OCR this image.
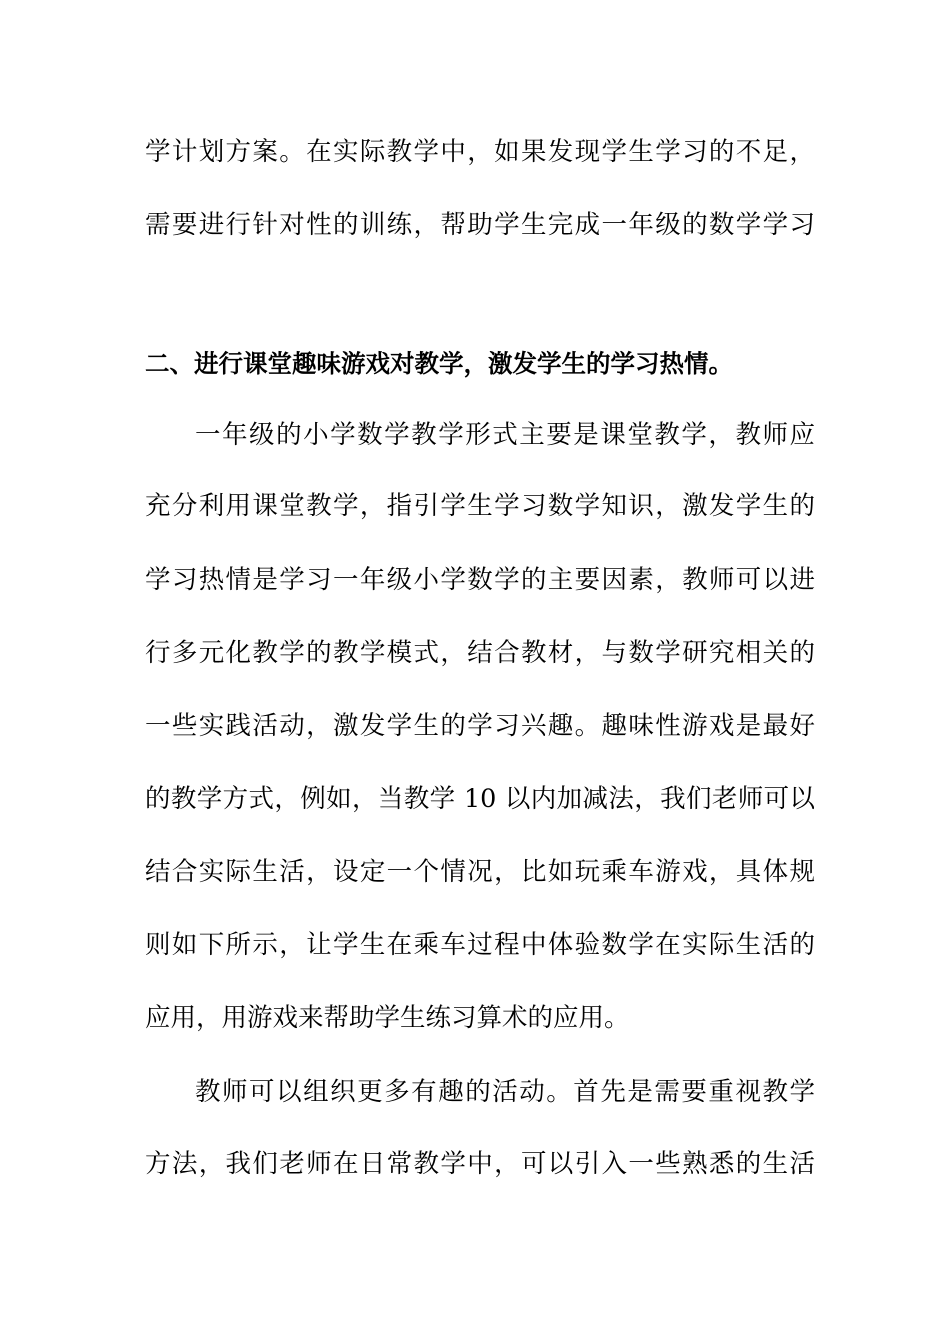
学计划方案。在实际教学中，如果发现学生学习的不足，
需要进行针对性的训练，帮助学生完成一年级的数学学习
二、进行课堂趣味游戏对教学，激发学生的学习热情。
一年级的小学数学教学形式主要是课堂教学，教师应
充分利用课堂教学，指引学生学习数学知识，激发学生的
学习热情是学习一年级小学数学的主要因素，教师可以进
行多元化教学的教学模式，结合教材，与数学研究相关的
一些实践活动，激发学生的学习兴趣。趣味性游戏是最好
的教学方式，例如，当教学 10 以内加减法，我们老师可以
结合实际生活，设定一个情况，比如玩乘车游戏，具体规
则如下所示，让学生在乘车过程中体验数学在实际生活的
应用，用游戏来帮助学生练习算术的应用。
教师可以组织更多有趣的活动。首先是需要重视教学
方法，我们老师在日常教学中，可以引入一些熟悉的生活
